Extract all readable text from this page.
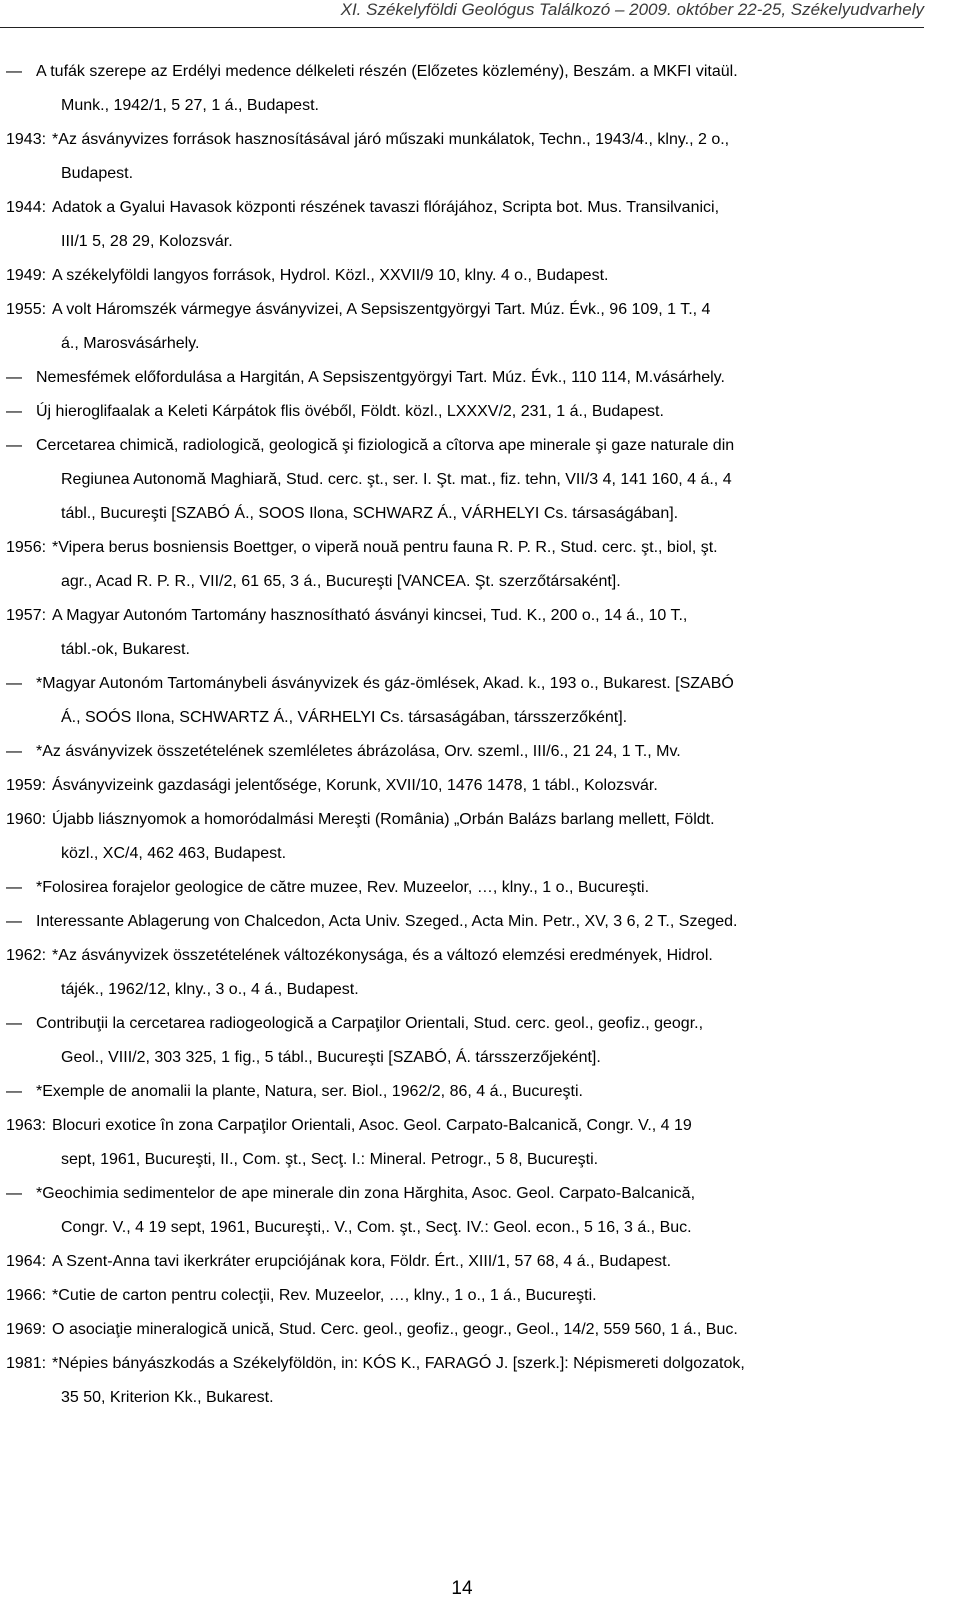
XI. Székelyföldi Geológus Találkozó – 2009. október 22-25, Székelyudvarhely
— A tufák szerepe az Erdélyi medence délkeleti részén (Előzetes közlemény), Beszám. a MKFI vitaül.
Munk., 1942/1, 5 27, 1 á., Budapest.
1943: *Az ásványvizes források hasznosításával járó műszaki munkálatok, Techn., 1943/4., klny., 2 o.,
Budapest.
1944: Adatok a Gyalui Havasok központi részének tavaszi flórájához, Scripta bot. Mus. Transilvanici,
III/1 5, 28 29, Kolozsvár.
1949: A székelyföldi langyos források, Hydrol. Közl., XXVII/9 10, klny. 4 o., Budapest.
1955: A volt Háromszék vármegye ásványvizei, A Sepsiszentgyörgyi Tart. Múz. Évk., 96 109, 1 T., 4
á., Marosvásárhely.
— Nemesfémek előfordulása a Hargitán, A Sepsiszentgyörgyi Tart. Múz. Évk., 110 114, M.vásárhely.
— Új hieroglifaalak a Keleti Kárpátok flis övéből, Földt. közl., LXXXV/2, 231, 1 á., Budapest.
— Cercetarea chimică, radiologică, geologică şi fiziologică a cîtorva ape minerale şi gaze naturale din
Regiunea Autonomă Maghiară, Stud. cerc. şt., ser. I. Şt. mat., fiz. tehn, VII/3 4, 141 160, 4 á., 4
tábl., Bucureşti [SZABÓ Á., SOOS Ilona, SCHWARZ Á., VÁRHELYI Cs. társaságában].
1956: *Vipera berus bosniensis Boettger, o viperă nouă pentru fauna R. P. R., Stud. cerc. şt., biol, şt.
agr., Acad R. P. R., VII/2, 61 65, 3 á., Bucureşti [VANCEA. Şt. szerzőtársaként].
1957: A Magyar Autonóm Tartomány hasznosítható ásványi kincsei, Tud. K., 200 o., 14 á., 10 T.,
tábl.-ok, Bukarest.
— *Magyar Autonóm Tartománybeli ásványvizek és gáz-ömlések, Akad. k., 193 o., Bukarest. [SZABÓ
Á., SOÓS Ilona, SCHWARTZ Á., VÁRHELYI Cs. társaságában, társszerzőként].
— *Az ásványvizek összetételének szemléletes ábrázolása, Orv. szeml., III/6., 21 24, 1 T., Mv.
1959: Ásványvizeink gazdasági jelentősége, Korunk, XVII/10, 1476 1478, 1 tábl., Kolozsvár.
1960: Újabb liásznyomok a homoródalmási Mereşti (România) „Orbán Balázs barlang mellett, Földt.
közl., XC/4, 462 463, Budapest.
— *Folosirea forajelor geologice de către muzee, Rev. Muzeelor, …, klny., 1 o., Bucureşti.
— Interessante Ablagerung von Chalcedon, Acta Univ. Szeged., Acta Min. Petr., XV, 3 6, 2 T., Szeged.
1962: *Az ásványvizek összetételének változékonysága, és a változó elemzési eredmények, Hidrol.
tájék., 1962/12, klny., 3 o., 4 á., Budapest.
— Contribuţii la cercetarea radiogeologică a Carpaţilor Orientali, Stud. cerc. geol., geofiz., geogr.,
Geol., VIII/2, 303 325, 1 fig., 5 tábl., Bucureşti [SZABÓ, Á. társszerzőjeként].
— *Exemple de anomalii la plante, Natura, ser. Biol., 1962/2, 86, 4 á., Bucureşti.
1963: Blocuri exotice în zona Carpaţilor Orientali, Asoc. Geol. Carpato-Balcanică, Congr. V., 4 19
sept, 1961, Bucureşti, II., Com. şt., Secţ. I.: Mineral. Petrogr., 5 8, Bucureşti.
— *Geochimia sedimentelor de ape minerale din zona Hărghita, Asoc. Geol. Carpato-Balcanică,
Congr. V., 4 19 sept, 1961, Bucureşti,. V., Com. şt., Secţ. IV.: Geol. econ., 5 16, 3 á., Buc.
1964: A Szent-Anna tavi ikerkráter erupciójának kora, Földr. Ért., XIII/1, 57 68, 4 á., Budapest.
1966: *Cutie de carton pentru colecţii, Rev. Muzeelor, …, klny., 1 o., 1 á., Bucureşti.
1969: O asociaţie mineralogică unică, Stud. Cerc. geol., geofiz., geogr., Geol., 14/2, 559 560, 1 á., Buc.
1981: *Népies bányászkodás a Székelyföldön, in: KÓS K., FARAGÓ J. [szerk.]: Népismereti dolgozatok,
35 50, Kriterion Kk., Bukarest.
14
